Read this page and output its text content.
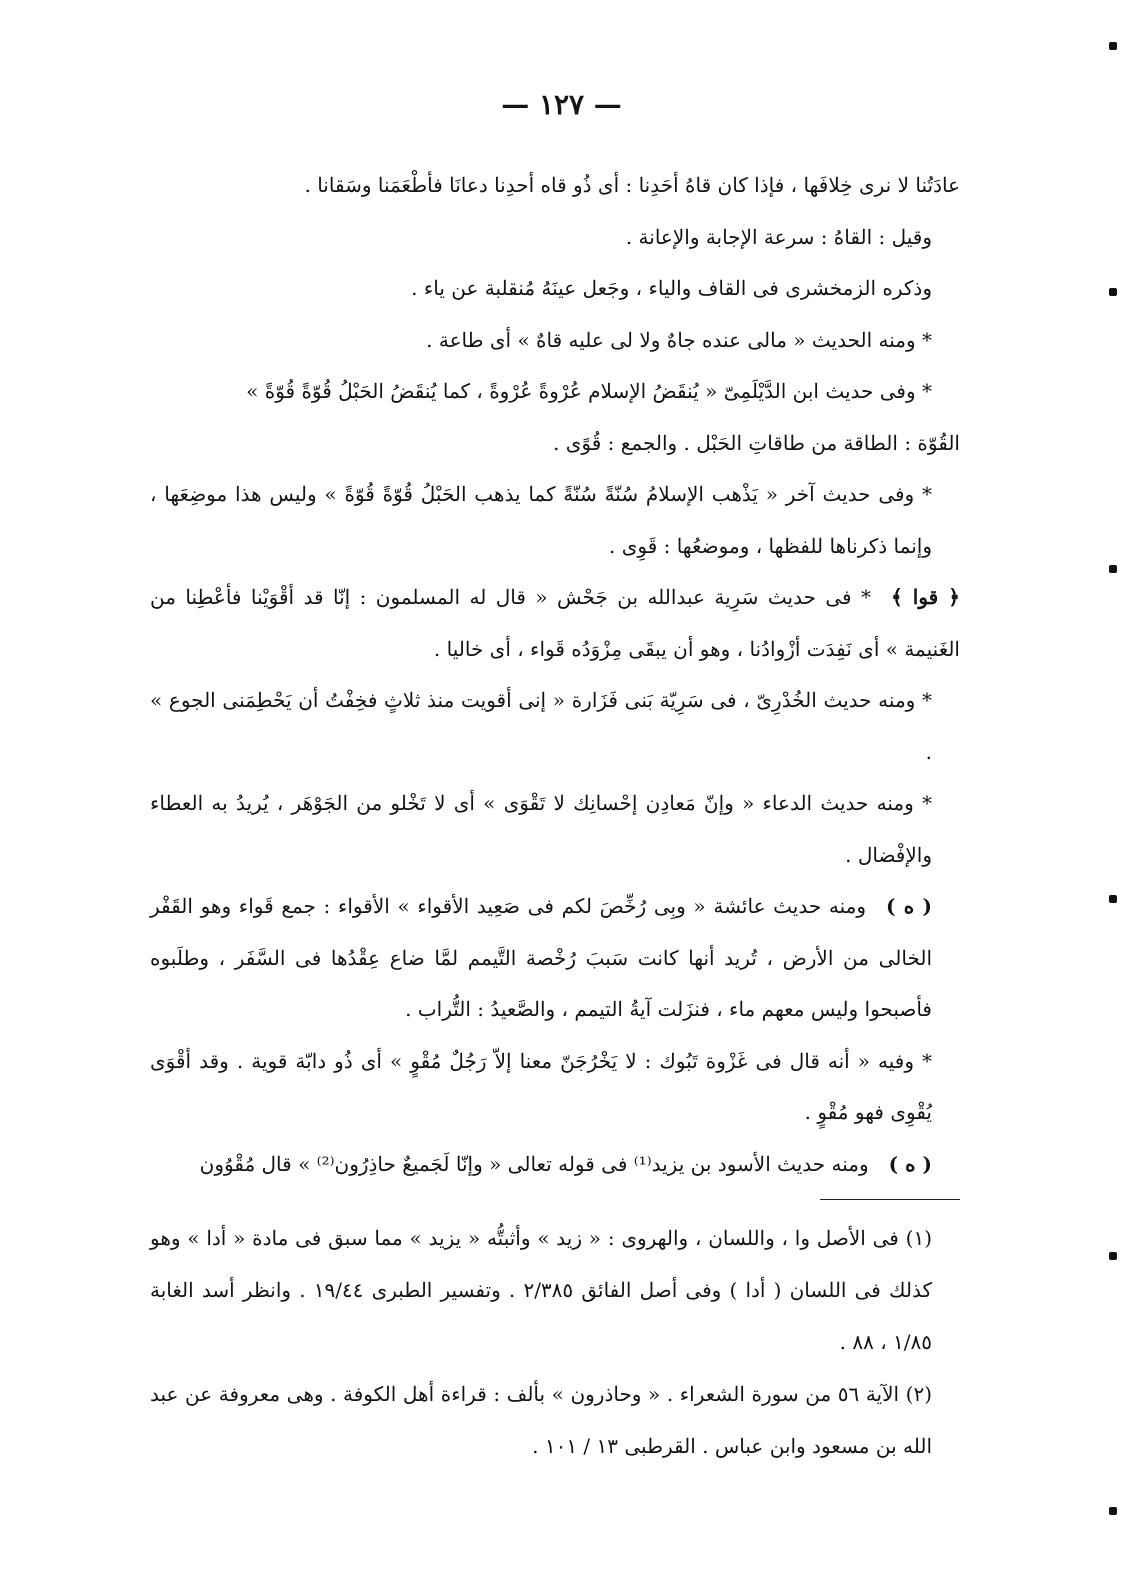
— ١٢٧ —

عادَتُنا لا نرى خِلافَها ، فإذا كان قاهُ أحَدِنا : أى ذُو قاه أحدِنا دعانَا فأطْعَمَنا وسَقانا .

وقيل : القاهُ : سرعة الإجابة والإعانة .

وذكره الزمخشرى فى القاف والياء ، وجَعل عينَهُ مُنقلبة عن ياء .

* ومنه الحديث « مالى عنده جاهٌ ولا لى عليه قاهٌ » أى طاعة .

* وفى حديث ابن الدَّيْلَمِىّ « يُنقَضُ الإسلام عُرْوةً عُرْوةً ، كما يُنقَضُ الحَبْلُ قُوّةً قُوّةً »

القُوّة : الطاقة من طاقاتِ الحَبْل . والجمع : قُوًى .

* وفى حديث آخر « يَذْهب الإسلامُ سُنّةً سُنّةً كما يذهب الحَبْلُ قُوّةً قُوّةً » وليس هذا موضِعَها ، وإنما ذكرناها للفظها ، وموضعُها : قَوِى .

﴿ قوا ﴾ * فى حديث سَرِية عبدالله بن جَحْش « قال له المسلمون : إنّا قد أقْوَيْنا فأعْطِنا من الغَنيمة » أى نَفِدَت أزْوادُنا ، وهو أن يبقَى مِزْوَدُه قَواء ، أى خاليا .

* ومنه حديث الخُدْرِىّ ، فى سَرِيّة بَنى فَزَارة « إنى أقويت منذ ثلاثٍ فخِفْتُ أن يَحْطِمَنى الجوع » .

* ومنه حديث الدعاء « وإنّ مَعادِن إحْسانِك لا تَقْوَى » أى لا تَخْلو من الجَوْهَر ، يُريدُ به العطاء والإفْضال .

( ه ) ومنه حديث عائشة « وبِى رُخِّصَ لكم فى صَعِيد الأقواء » الأقواء : جمع قَواء وهو القَفْر الخالى من الأرض ، تُريد أنها كانت سَببَ رُخْصة التَّيمم لمَّا ضاع عِقْدُها فى السَّفَر ، وطلَبوه فأصبحوا وليس معهم ماء ، فنزَلت آيةُ التيمم ، والصَّعيدُ : التُّراب .

* وفيه « أنه قال فى غَزْوة تَبُوك : لا يَخْرُجَنّ معنا إلاّ رَجُلٌ مُقْوٍ » أى ذُو دابّة قوية . وقد أقْوَى يُقْوِى فهو مُقْوٍ .

( ه ) ومنه حديث الأسود بن يزيد⁽¹⁾ فى قوله تعالى « وإنّا لَجَميعٌ حاذِرُون⁽²⁾ » قال مُقْوُون

(١) فى الأصل وا ، واللسان ، والهروى : « زيد » وأثبتُّه « يزيد » مما سبق فى مادة « أدا » وهو كذلك فى اللسان ( أدا ) وفى أصل الفائق ٢/٣٨٥ . وتفسير الطبرى ١٩/٤٤ . وانظر أسد الغابة ١/٨٥ ، ٨٨ .

(٢) الآية ٥٦ من سورة الشعراء . « وحاذرون » بألف : قراءة أهل الكوفة . وهى معروفة عن عبد الله بن مسعود وابن عباس . القرطبى ١٣ / ١٠١ .
